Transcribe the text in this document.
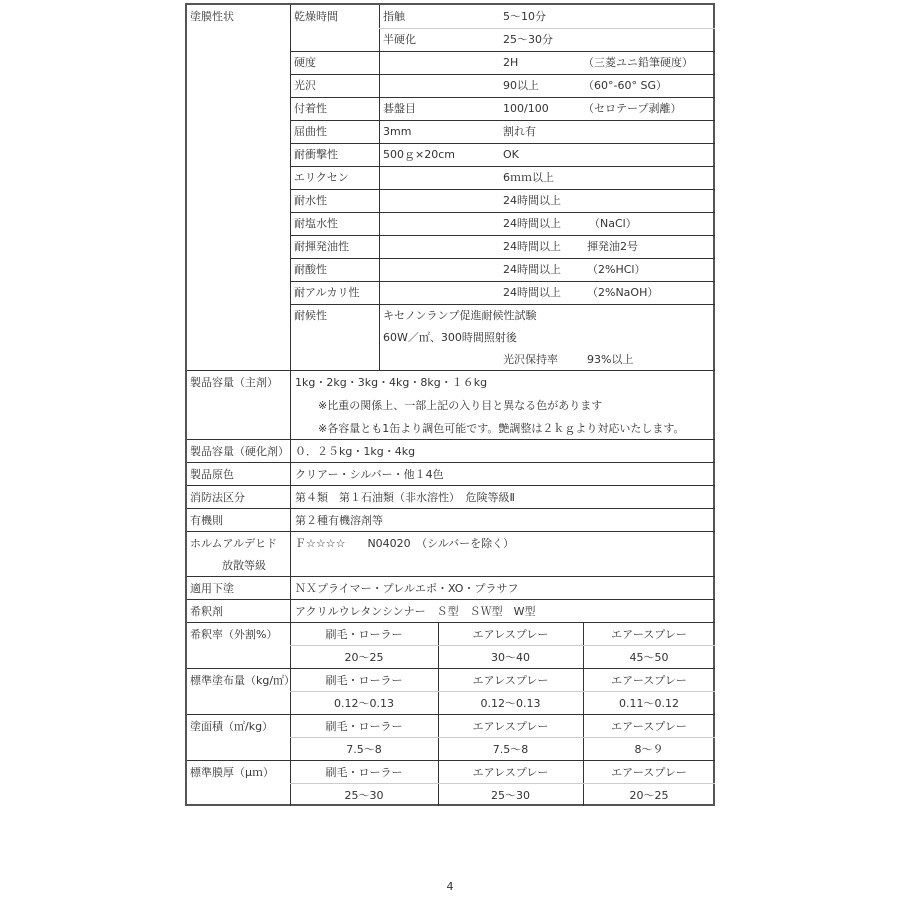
塗膜性状	乾燥時間	指触	5〜10分
半硬化	25〜30分
硬度	2H	（三菱ユニ鉛筆硬度）
光沢	90以上	（60°-60° SG）
付着性	碁盤目	100/100	（セロテープ剥離）
屈曲性	3mm	割れ有
耐衝撃性	500ｇ×20cm	OK
エリクセン	6ｍｍ以上
耐水性	24時間以上
耐塩水性	24時間以上	（NaCl）
耐揮発油性	24時間以上 揮発油2号
耐酸性	24時間以上 （2%HCl）
耐アルカリ性	24時間以上 （2%NaOH）
耐候性	キセノンランプ促進耐候性試験
60W／㎡、300時間照射後
光沢保持率	93%以上
製品容量（主剤） 1kg・2kg・3kg・4kg・8kg・１６kg
※比重の関係上、一部上記の入り目と異なる色があります
※各容量とも1缶より調色可能です。艶調整は２ｋｇより対応いたします。
製品容量（硬化剤） ０．２５kg・1kg・4kg
製品原色	クリアー・シルバー・他１4色
消防法区分	第４類　第１石油類（非水溶性）　危険等級Ⅱ
有機則	第２種有機溶剤等
ホルムアルデヒド
放散等級
Ｆ☆☆☆☆　　N04020　（シルバーを除く）
適用下塗	ＮＸプライマー・プレルエポ・XO・プラサフ
希釈剤	アクリルウレタンシンナー　Ｓ型　ＳＷ型　W型
希釈率（外割%）	刷毛・ローラー	エアレスプレー	エアースプレー
20〜25	30〜40	45〜50
標準塗布量（kg/㎡）	刷毛・ローラー	エアレスプレー	エアースプレー
0.12〜0.13	0.12〜0.13	0.11〜0.12
塗面積（㎡/kg）	刷毛・ローラー	エアレスプレー	エアースプレー
7.5〜8	7.5〜8	8〜９
標準膜厚（μｍ）	刷毛・ローラー	エアレスプレー	エアースプレー
25〜30	25〜30	20〜25
4
